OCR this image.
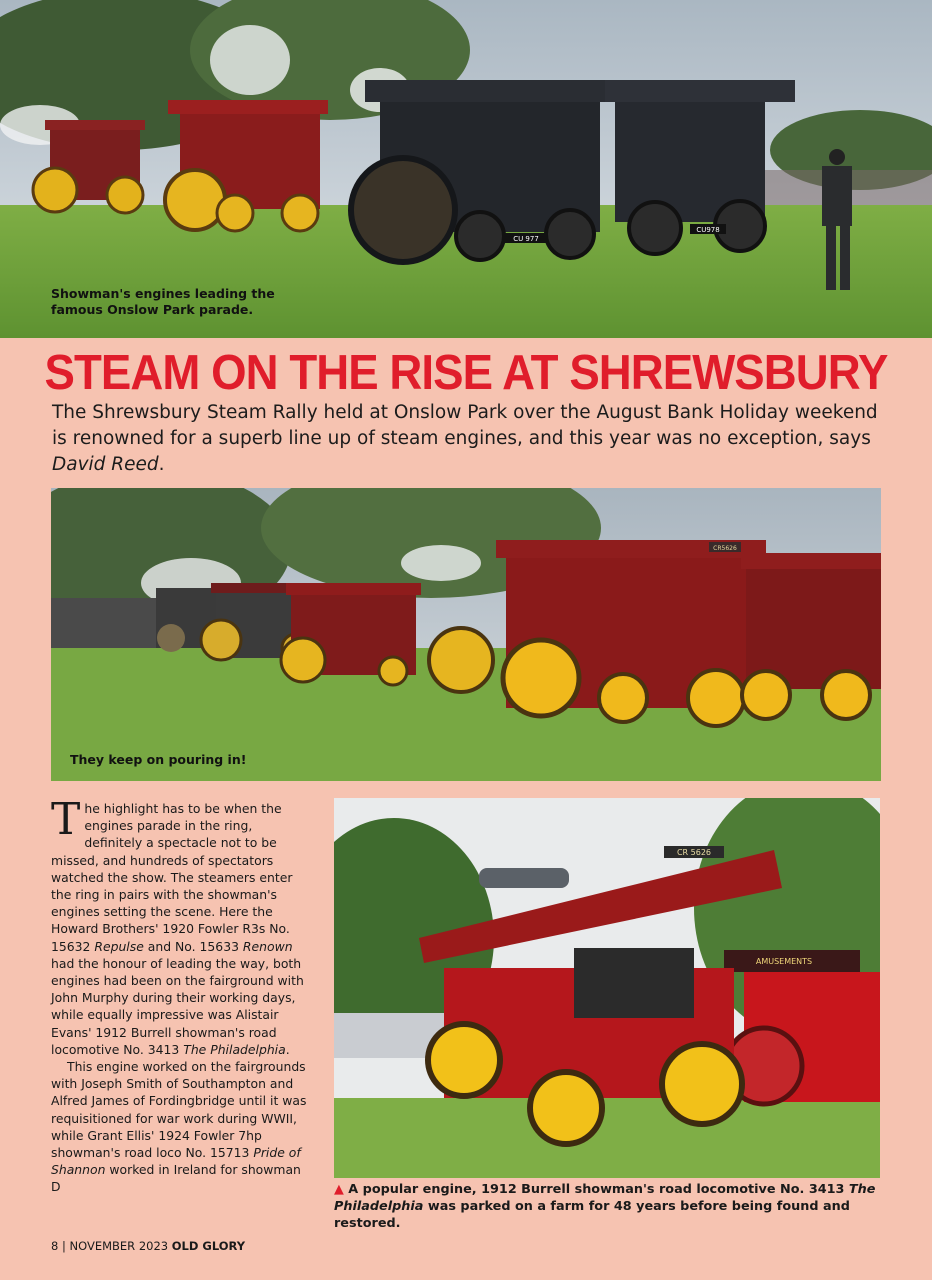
CU 977
CU978
Showman's engines leading the famous Onslow Park parade.
STEAM ON THE RISE AT SHREWSBURY
The Shrewsbury Steam Rally held at Onslow Park over the August Bank Holiday weekend is renowned for a superb line up of steam engines, and this year was no exception, says David Reed.
CR5626
They keep on pouring in!

The highlight has to be when the engines parade in the ring, definitely a spectacle not to be missed, and hundreds of spectators watched the show. The steamers enter the ring in pairs with the showman's engines setting the scene. Here the Howard Brothers' 1920 Fowler R3s No. 15632 Repulse and No. 15633 Renown had the honour of leading the way, both engines had been on the fairground with John Murphy during their working days, while equally impressive was Alistair Evans' 1912 Burrell showman's road locomotive No. 3413 The Philadelphia.

This engine worked on the fairgrounds with Joseph Smith of Southampton and Alfred James of Fordingbridge until it was requisitioned for war work during WWII, while Grant Ellis' 1924 Fowler 7hp showman's road loco No. 15713 Pride of Shannon worked in Ireland for showman D

AMUSEMENTS
CR 5626
▲ A popular engine, 1912 Burrell showman's road locomotive No. 3413 The Philadelphia was parked on a farm for 48 years before being found and restored.
8 | NOVEMBER 2023 OLD GLORY
